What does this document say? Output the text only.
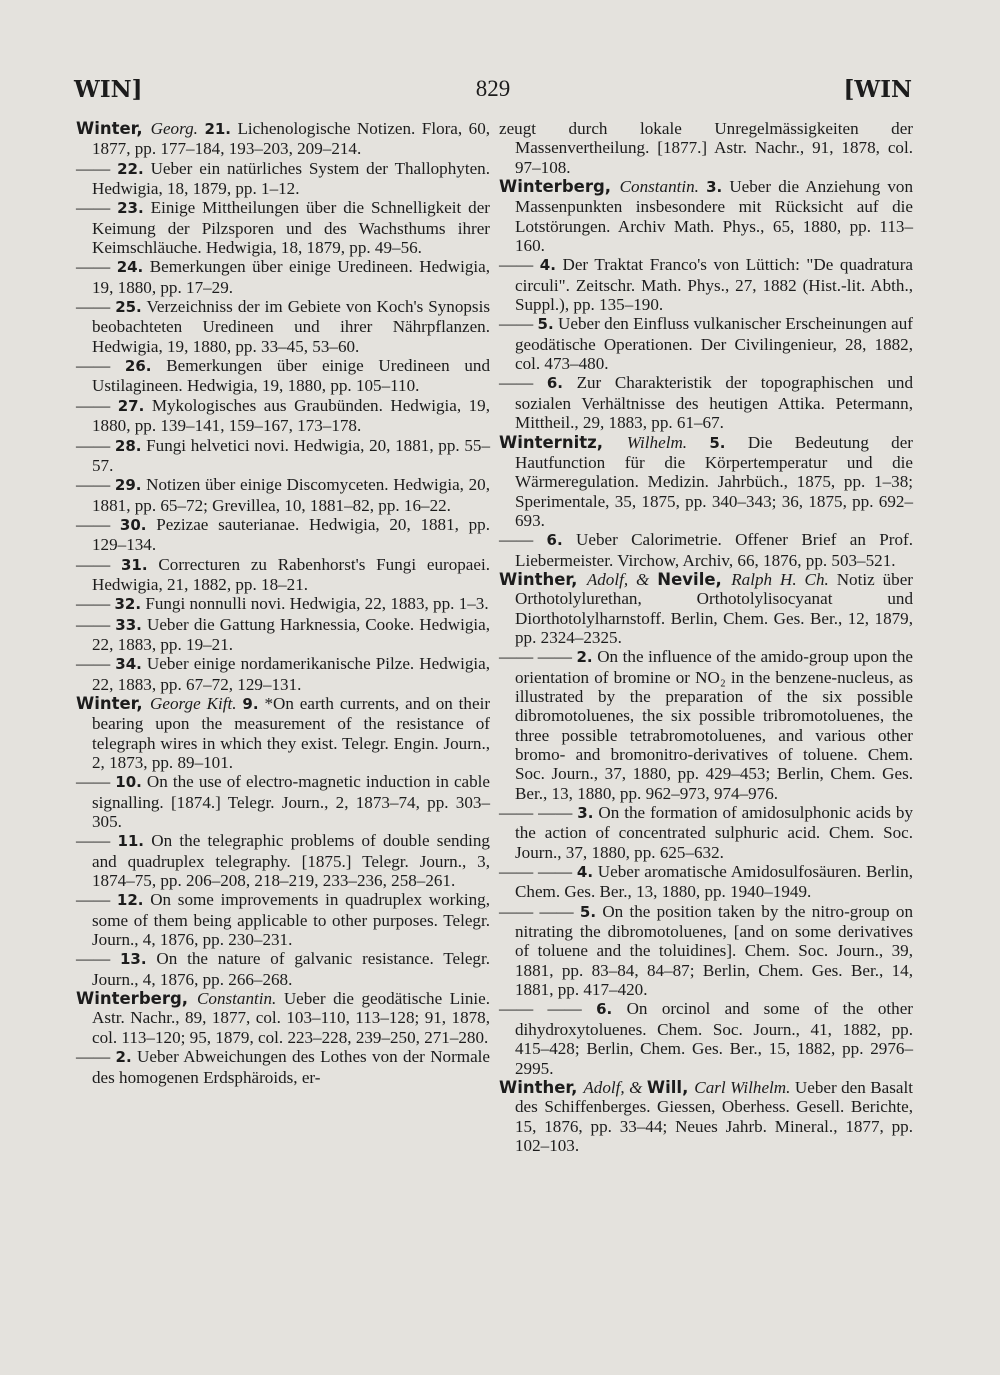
WIN]	829	[WIN

Winter, Georg. 21. Lichenologische Notizen. Flora, 60, 1877, pp. 177–184, 193–203, 209–214.

—— 22. Ueber ein natürliches System der Thallophyten. Hedwigia, 18, 1879, pp. 1–12.

—— 23. Einige Mittheilungen über die Schnelligkeit der Keimung der Pilzsporen und des Wachsthums ihrer Keimschläuche. Hedwigia, 18, 1879, pp. 49–56.

—— 24. Bemerkungen über einige Uredineen. Hedwigia, 19, 1880, pp. 17–29.

—— 25. Verzeichniss der im Gebiete von Koch's Synopsis beobachteten Uredineen und ihrer Nährpflanzen. Hedwigia, 19, 1880, pp. 33–45, 53–60.

—— 26. Bemerkungen über einige Uredineen und Ustilagineen. Hedwigia, 19, 1880, pp. 105–110.

—— 27. Mykologisches aus Graubünden. Hedwigia, 19, 1880, pp. 139–141, 159–167, 173–178.

—— 28. Fungi helvetici novi. Hedwigia, 20, 1881, pp. 55–57.

—— 29. Notizen über einige Discomyceten. Hedwigia, 20, 1881, pp. 65–72; Grevillea, 10, 1881–82, pp. 16–22.

—— 30. Pezizae sauterianae. Hedwigia, 20, 1881, pp. 129–134.

—— 31. Correcturen zu Rabenhorst's Fungi europaei. Hedwigia, 21, 1882, pp. 18–21.

—— 32. Fungi nonnulli novi. Hedwigia, 22, 1883, pp. 1–3.

—— 33. Ueber die Gattung Harknessia, Cooke. Hedwigia, 22, 1883, pp. 19–21.

—— 34. Ueber einige nordamerikanische Pilze. Hedwigia, 22, 1883, pp. 67–72, 129–131.

Winter, George Kift. 9. *On earth currents, and on their bearing upon the measurement of the resistance of telegraph wires in which they exist. Telegr. Engin. Journ., 2, 1873, pp. 89–101.

—— 10. On the use of electro-magnetic induction in cable signalling. [1874.] Telegr. Journ., 2, 1873–74, pp. 303–305.

—— 11. On the telegraphic problems of double sending and quadruplex telegraphy. [1875.] Telegr. Journ., 3, 1874–75, pp. 206–208, 218–219, 233–236, 258–261.

—— 12. On some improvements in quadruplex working, some of them being applicable to other purposes. Telegr. Journ., 4, 1876, pp. 230–231.

—— 13. On the nature of galvanic resistance. Telegr. Journ., 4, 1876, pp. 266–268.

Winterberg, Constantin. Ueber die geodätische Linie. Astr. Nachr., 89, 1877, col. 103–110, 113–128; 91, 1878, col. 113–120; 95, 1879, col. 223–228, 239–250, 271–280.

—— 2. Ueber Abweichungen des Lothes von der Normale des homogenen Erdsphäroids, er-

zeugt durch lokale Unregelmässigkeiten der Massenvertheilung. [1877.] Astr. Nachr., 91, 1878, col. 97–108.

Winterberg, Constantin. 3. Ueber die Anziehung von Massenpunkten insbesondere mit Rücksicht auf die Lotstörungen. Archiv Math. Phys., 65, 1880, pp. 113–160.

—— 4. Der Traktat Franco's von Lüttich: "De quadratura circuli". Zeitschr. Math. Phys., 27, 1882 (Hist.-lit. Abth., Suppl.), pp. 135–190.

—— 5. Ueber den Einfluss vulkanischer Erscheinungen auf geodätische Operationen. Der Civilingenieur, 28, 1882, col. 473–480.

—— 6. Zur Charakteristik der topographischen und sozialen Verhältnisse des heutigen Attika. Petermann, Mittheil., 29, 1883, pp. 61–67.

Winternitz, Wilhelm. 5. Die Bedeutung der Hautfunction für die Körpertemperatur und die Wärmeregulation. Medizin. Jahrbüch., 1875, pp. 1–38; Sperimentale, 35, 1875, pp. 340–343; 36, 1875, pp. 692–693.

—— 6. Ueber Calorimetrie. Offener Brief an Prof. Liebermeister. Virchow, Archiv, 66, 1876, pp. 503–521.

Winther, Adolf, & Nevile, Ralph H. Ch. Notiz über Orthotolylurethan, Orthotolylisocyanat und Diorthotolylharnstoff. Berlin, Chem. Ges. Ber., 12, 1879, pp. 2324–2325.

—— —— 2. On the influence of the amido-group upon the orientation of bromine or NO₂ in the benzene-nucleus, as illustrated by the preparation of the six possible dibromotoluenes, the six possible tribromotoluenes, the three possible tetrabromotoluenes, and various other bromo- and bromonitro-derivatives of toluene. Chem. Soc. Journ., 37, 1880, pp. 429–453; Berlin, Chem. Ges. Ber., 13, 1880, pp. 962–973, 974–976.

—— —— 3. On the formation of amidosulphonic acids by the action of concentrated sulphuric acid. Chem. Soc. Journ., 37, 1880, pp. 625–632.

—— —— 4. Ueber aromatische Amidosulfosäuren. Berlin, Chem. Ges. Ber., 13, 1880, pp. 1940–1949.

—— —— 5. On the position taken by the nitro-group on nitrating the dibromotoluenes, [and on some derivatives of toluene and the toluidines]. Chem. Soc. Journ., 39, 1881, pp. 83–84, 84–87; Berlin, Chem. Ges. Ber., 14, 1881, pp. 417–420.

—— —— 6. On orcinol and some of the other dihydroxytoluenes. Chem. Soc. Journ., 41, 1882, pp. 415–428; Berlin, Chem. Ges. Ber., 15, 1882, pp. 2976–2995.

Winther, Adolf, & Will, Carl Wilhelm. Ueber den Basalt des Schiffenberges. Giessen, Oberhess. Gesell. Berichte, 15, 1876, pp. 33–44; Neues Jahrb. Mineral., 1877, pp. 102–103.
